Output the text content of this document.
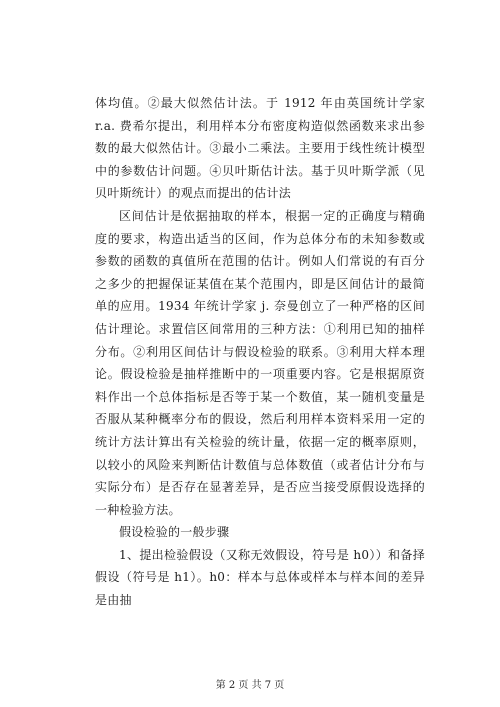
体均值。②最大似然估计法。于 1912 年由英国统计学家 r.a. 费希尔提出，利用样本分布密度构造似然函数来求出参数的最大似然估计。③最小二乘法。主要用于线性统计模型中的参数估计问题。④贝叶斯估计法。基于贝叶斯学派（见贝叶斯统计）的观点而提出的估计法

区间估计是依据抽取的样本，根据一定的正确度与精确度的要求，构造出适当的区间，作为总体分布的未知参数或参数的函数的真值所在范围的估计。例如人们常说的有百分之多少的把握保证某值在某个范围内，即是区间估计的最简单的应用。1934 年统计学家 j. 奈曼创立了一种严格的区间估计理论。求置信区间常用的三种方法：①利用已知的抽样分布。②利用区间估计与假设检验的联系。③利用大样本理论。假设检验是抽样推断中的一项重要内容。它是根据原资料作出一个总体指标是否等于某一个数值，某一随机变量是否服从某种概率分布的假设，然后利用样本资料采用一定的统计方法计算出有关检验的统计量，依据一定的概率原则，以较小的风险来判断估计数值与总体数值（或者估计分布与实际分布）是否存在显著差异，是否应当接受原假设选择的一种检验方法。

假设检验的一般步骤

1、提出检验假设（又称无效假设，符号是 h0））和备择假设（符号是 h1）。h0：样本与总体或样本与样本间的差异是由抽

第 2 页 共 7 页
